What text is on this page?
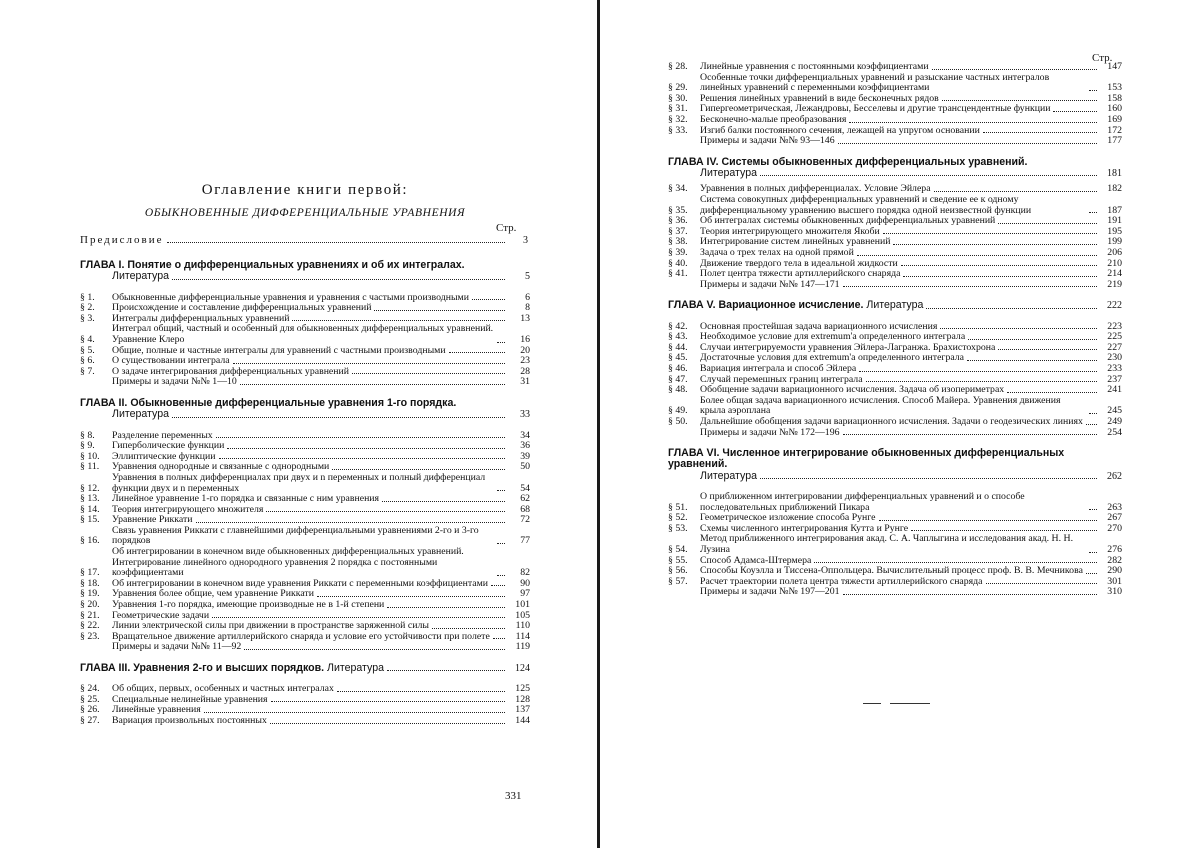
Оглавление книги первой:
ОБЫКНОВЕННЫЕ ДИФФЕРЕНЦИАЛЬНЫЕ УРАВНЕНИЯ
Стр.
Предисловие	3
ГЛАВА I. Понятие о дифференциальных уравнениях и об их интегралах.
Литература	5
§ 1.	Обыкновенные дифференциальные уравнения и уравнения с частыми производными	6
§ 2.	Происхождение и составление дифференциальных уравнений	8
§ 3.	Интегралы дифференциальных уравнений	13
§ 4.
Интеграл общий, частный и особенный для обыкновенных дифференциальных уравнений. Уравнение Клеро	16
§ 5.	Общие, полные и частные интегралы для уравнений с частными производными	20
§ 6.	О существовании интеграла	23
§ 7.	О задаче интегрирования дифференциальных уравнений	28
Примеры и задачи №№ 1—10	31
ГЛАВА II. Обыкновенные дифференциальные уравнения 1-го порядка.
Литература	33
§ 8.	Разделение переменных	34
§ 9.	Гиперболические функции	36
§ 10.	Эллиптические функции	39
§ 11.	Уравнения однородные и связанные с однородными	50
§ 12.
Уравнения в полных дифференциалах при двух и n переменных и полный дифференциал функции двух и n переменных	54
§ 13.	Линейное уравнение 1-го порядка и связанные с ним уравнения	62
§ 14.	Теория интегрирующего множителя	68
§ 15.	Уравнение Риккати	72
§ 16.
Связь уравнения Риккати с главнейшими дифференциальными уравнениями 2-го и 3-го порядков	77
§ 17.
Об интегрировании в конечном виде обыкновенных дифференциальных уравнений. Интегрирование линейного однородного уравнения 2 порядка с постоянными коэффициентами	82
§ 18.	Об интегрировании в конечном виде уравнения Риккати с переменными коэффициентами	90
§ 19.	Уравнения более общие, чем уравнение Риккати	97
§ 20.	Уравнения 1-го порядка, имеющие производные не в 1-й степени	101
§ 21.	Геометрические задачи	105
§ 22.	Линии электрической силы при движении в пространстве заряженной силы	110
§ 23.	Вращательное движение артиллерийского снаряда и условие его устойчивости при полете	114
Примеры и задачи №№ 11—92	119
ГЛАВА III. Уравнения 2-го и высших порядков.
Литература	124
§ 24.	Об общих, первых, особенных и частных интегралах	125
§ 25.	Специальные нелинейные уравнения	128
§ 26.	Линейные уравнения	137
§ 27.	Вариация произвольных постоянных	144
331
Стр.
§ 28.	Линейные уравнения с постоянными коэффициентами	147
§ 29.
Особенные точки дифференциальных уравнений и разыскание частных интегралов линейных уравнений с переменными коэффициентами	153
§ 30.	Решения линейных уравнений в виде бесконечных рядов	158
§ 31.	Гипергеометрическая, Лежандровы, Бесселевы и другие трансцендентные функции	160
§ 32.	Бесконечно-малые преобразования	169
§ 33.	Изгиб балки постоянного сечения, лежащей на упругом основании	172
Примеры и задачи №№ 93—146	177
ГЛАВА IV. Системы обыкновенных дифференциальных уравнений.
Литература	181
§ 34.	Уравнения в полных дифференциалах. Условие Эйлера	182
§ 35.
Система совокупных дифференциальных уравнений и сведение ее к одному дифференциальному уравнению высшего порядка одной неизвестной функции	187
§ 36.	Об интегралах системы обыкновенных дифференциальных уравнений	191
§ 37.	Теория интегрирующего множителя Якоби	195
§ 38.	Интегрирование систем линейных уравнений	199
§ 39.	Задача о трех телах на одной прямой	206
§ 40.	Движение твердого тела в идеальной жидкости	210
§ 41.	Полет центра тяжести артиллерийского снаряда	214
Примеры и задачи №№ 147—171	219
ГЛАВА V. Вариационное исчисление.
Литература	222
§ 42.	Основная простейшая задача вариационного исчисления	223
§ 43.	Необходимое условие для extremum'a определенного интеграла	225
§ 44.	Случаи интегрируемости уравнения Эйлера-Лагранжа. Брахистохрона	227
§ 45.	Достаточные условия для extremum'a определенного интеграла	230
§ 46.	Вариация интеграла и способ Эйлера	233
§ 47.	Случай перемешных границ интеграла	237
§ 48.	Обобщение задачи вариационного исчисления. Задача об изопериметрах	241
§ 49.
Более общая задача вариационного исчисления. Способ Майера. Уравнения движения крыла аэроплана	245
§ 50.	Дальнейшие обобщения задачи вариационного исчисления. Задачи о геодезических линиях	249
Примеры и задачи №№ 172—196	254
ГЛАВА VI. Численное интегрирование обыкновенных дифференциальных уравнений.
Литература	262
§ 51.
О приближенном интегрировании дифференциальных уравнений и о способе последовательных приближений Пикара	263
§ 52.	Геометрическое изложение способа Рунге	267
§ 53.	Схемы численного интегрирования Кутта и Рунге	270
§ 54.
Метод приближенного интегрирования акад. С. А. Чаплыгина и исследования акад. Н. Н. Лузина	276
§ 55.	Способ Адамса-Штермера	282
§ 56.	Способы Коуэлла и Тиссена-Оппольцера. Вычислительный процесс проф. В. В. Мечникова	290
§ 57.	Расчет траектории полета центра тяжести артиллерийского снаряда	301
Примеры и задачи №№ 197—201	310
